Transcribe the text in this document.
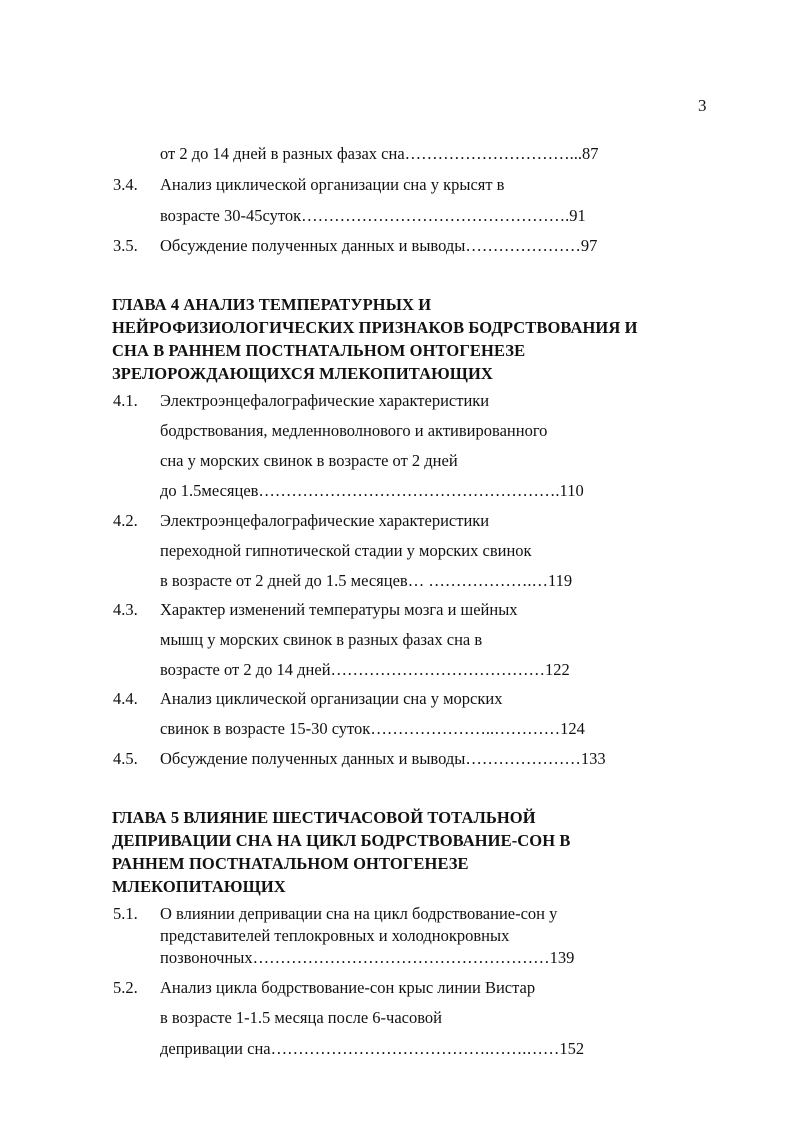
3
от 2 до 14 дней в разных фазах сна…………………………...87
3.4. Анализ циклической организации сна у крысят в
возрасте 30-45суток………………………………………….91
3.5. Обсуждение полученных данных и выводы…………………97
ГЛАВА 4 АНАЛИЗ ТЕМПЕРАТУРНЫХ И
НЕЙРОФИЗИОЛОГИЧЕСКИХ ПРИЗНАКОВ БОДРСТВОВАНИЯ И
СНА В РАННЕМ ПОСТНАТАЛЬНОМ ОНТОГЕНЕЗЕ
ЗРЕЛОРОЖДАЮЩИХСЯ МЛЕКОПИТАЮЩИХ
4.1. Электроэнцефалографические характеристики
бодрствования, медленноволнового и активированного
сна у морских свинок в возрасте от 2 дней
до 1.5месяцев……………………………………………….110
4.2. Электроэнцефалографические характеристики
переходной гипнотической стадии у морских свинок
в возрасте от 2 дней до 1.5 месяцев… ……………….…119
4.3. Характер изменений температуры мозга и шейных
мышц у морских свинок в разных фазах сна в
возрасте от 2 до 14 дней…………………………………122
4.4. Анализ циклической организации сна у морских
свинок в возрасте 15-30 суток…………………..…………124
4.5. Обсуждение полученных данных и выводы…………………133
ГЛАВА 5 ВЛИЯНИЕ ШЕСТИЧАСОВОЙ ТОТАЛЬНОЙ
ДЕПРИВАЦИИ СНА НА ЦИКЛ БОДРСТВОВАНИЕ-СОН В
РАННЕМ ПОСТНАТАЛЬНОМ ОНТОГЕНЕЗЕ
МЛЕКОПИТАЮЩИХ
5.1. О влиянии депривации сна на цикл бодрствование-сон у
представителей теплокровных и холоднокровных
позвоночных………………………………………………139
5.2. Анализ цикла бодрствование-сон крыс линии Вистар
в возрасте 1-1.5 месяца после 6-часовой
депривации сна………………………………….…….……152
